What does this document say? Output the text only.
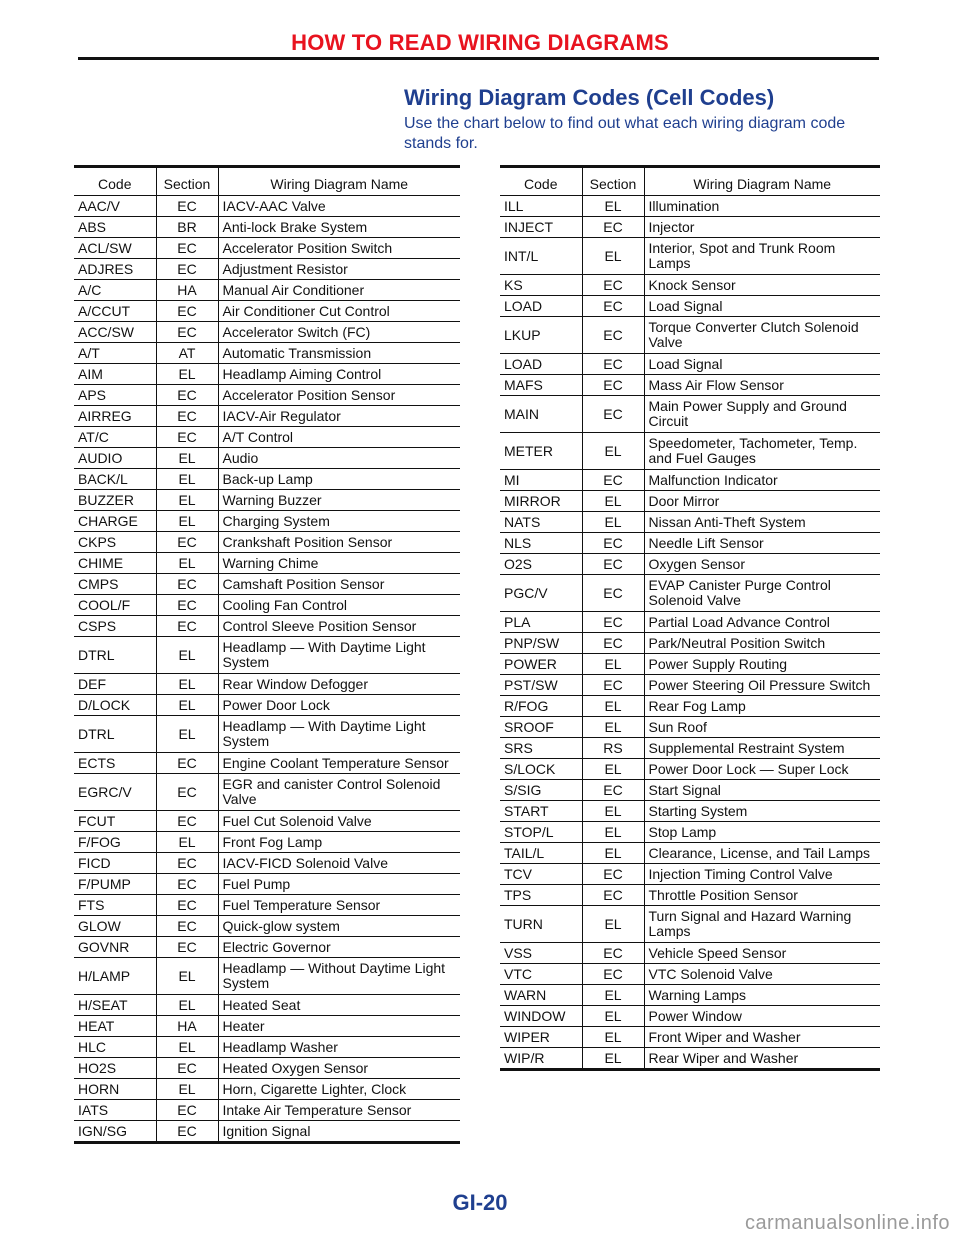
HOW TO READ WIRING DIAGRAMS
Wiring Diagram Codes (Cell Codes)
Use the chart below to find out what each wiring diagram code stands for.
Code	Section	Wiring Diagram Name
AAC/V	EC	IACV-AAC Valve
ABS	BR	Anti-lock Brake System
ACL/SW	EC	Accelerator Position Switch
ADJRES	EC	Adjustment Resistor
A/C	HA	Manual Air Conditioner
A/CCUT	EC	Air Conditioner Cut Control
ACC/SW	EC	Accelerator Switch (FC)
A/T	AT	Automatic Transmission
AIM	EL	Headlamp Aiming Control
APS	EC	Accelerator Position Sensor
AIRREG	EC	IACV-Air Regulator
AT/C	EC	A/T Control
AUDIO	EL	Audio
BACK/L	EL	Back-up Lamp
BUZZER	EL	Warning Buzzer
CHARGE	EL	Charging System
CKPS	EC	Crankshaft Position Sensor
CHIME	EL	Warning Chime
CMPS	EC	Camshaft Position Sensor
COOL/F	EC	Cooling Fan Control
CSPS	EC	Control Sleeve Position Sensor
DTRL	EL	Headlamp — With Daytime Light System
DEF	EL	Rear Window Defogger
D/LOCK	EL	Power Door Lock
DTRL	EL	Headlamp — With Daytime Light System
ECTS	EC	Engine Coolant Temperature Sensor
EGRC/V	EC	EGR and canister Control Solenoid Valve
FCUT	EC	Fuel Cut Solenoid Valve
F/FOG	EL	Front Fog Lamp
FICD	EC	IACV-FICD Solenoid Valve
F/PUMP	EC	Fuel Pump
FTS	EC	Fuel Temperature Sensor
GLOW	EC	Quick-glow system
GOVNR	EC	Electric Governor
H/LAMP	EL	Headlamp — Without Daytime Light System
H/SEAT	EL	Heated Seat
HEAT	HA	Heater
HLC	EL	Headlamp Washer
HO2S	EC	Heated Oxygen Sensor
HORN	EL	Horn, Cigarette Lighter, Clock
IATS	EC	Intake Air Temperature Sensor
IGN/SG	EC	Ignition Signal
Code	Section	Wiring Diagram Name
ILL	EL	Illumination
INJECT	EC	Injector
INT/L	EL	Interior, Spot and Trunk Room Lamps
KS	EC	Knock Sensor
LOAD	EC	Load Signal
LKUP	EC	Torque Converter Clutch Solenoid Valve
LOAD	EC	Load Signal
MAFS	EC	Mass Air Flow Sensor
MAIN	EC	Main Power Supply and Ground Circuit
METER	EL	Speedometer, Tachometer, Temp. and Fuel Gauges
MI	EC	Malfunction Indicator
MIRROR	EL	Door Mirror
NATS	EL	Nissan Anti-Theft System
NLS	EC	Needle Lift Sensor
O2S	EC	Oxygen Sensor
PGC/V	EC	EVAP Canister Purge Control Solenoid Valve
PLA	EC	Partial Load Advance Control
PNP/SW	EC	Park/Neutral Position Switch
POWER	EL	Power Supply Routing
PST/SW	EC	Power Steering Oil Pressure Switch
R/FOG	EL	Rear Fog Lamp
SROOF	EL	Sun Roof
SRS	RS	Supplemental Restraint System
S/LOCK	EL	Power Door Lock — Super Lock
S/SIG	EC	Start Signal
START	EL	Starting System
STOP/L	EL	Stop Lamp
TAIL/L	EL	Clearance, License, and Tail Lamps
TCV	EC	Injection Timing Control Valve
TPS	EC	Throttle Position Sensor
TURN	EL	Turn Signal and Hazard Warning Lamps
VSS	EC	Vehicle Speed Sensor
VTC	EC	VTC Solenoid Valve
WARN	EL	Warning Lamps
WINDOW	EL	Power Window
WIPER	EL	Front Wiper and Washer
WIP/R	EL	Rear Wiper and Washer
GI-20
carmanualsonline.info
